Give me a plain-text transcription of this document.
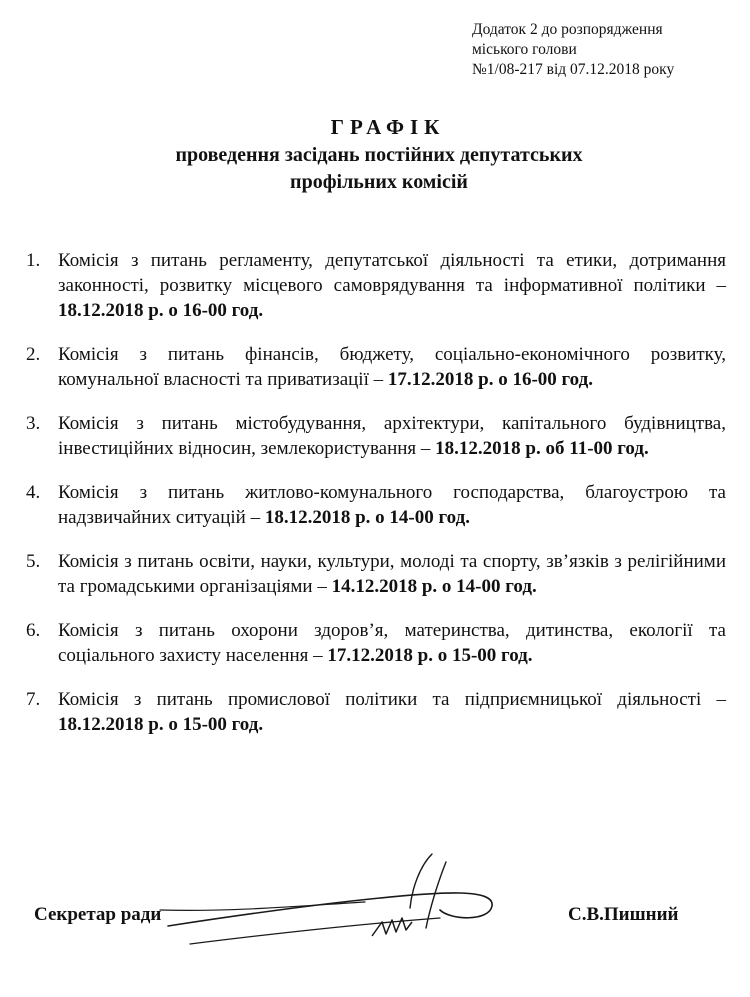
Додаток 2 до розпорядження
міського голови
№1/08-217 від 07.12.2018 року
ГРАФІК
проведення засідань постійних депутатських
профільних комісій
1. Комісія з питань регламенту, депутатської діяльності та етики, дотримання законності, розвитку місцевого самоврядування та інформативної політики – 18.12.2018 р. о 16-00 год.
2. Комісія з питань фінансів, бюджету, соціально-економічного розвитку, комунальної власності та приватизації – 17.12.2018 р. о 16-00 год.
3. Комісія з питань містобудування, архітектури, капітального будівництва, інвестиційних відносин, землекористування – 18.12.2018 р. об 11-00 год.
4. Комісія з питань житлово-комунального господарства, благоустрою та надзвичайних ситуацій – 18.12.2018 р. о 14-00 год.
5. Комісія з питань освіти, науки, культури, молоді та спорту, зв’язків з релігійними та громадськими організаціями – 14.12.2018 р. о 14-00 год.
6. Комісія з питань охорони здоров’я, материнства, дитинства, екології та соціального захисту населення – 17.12.2018 р. о 15-00 год.
7. Комісія з питань промислової політики та підприємницької діяльності – 18.12.2018 р. о 15-00 год.
Секретар ради	С.В.Пишний
